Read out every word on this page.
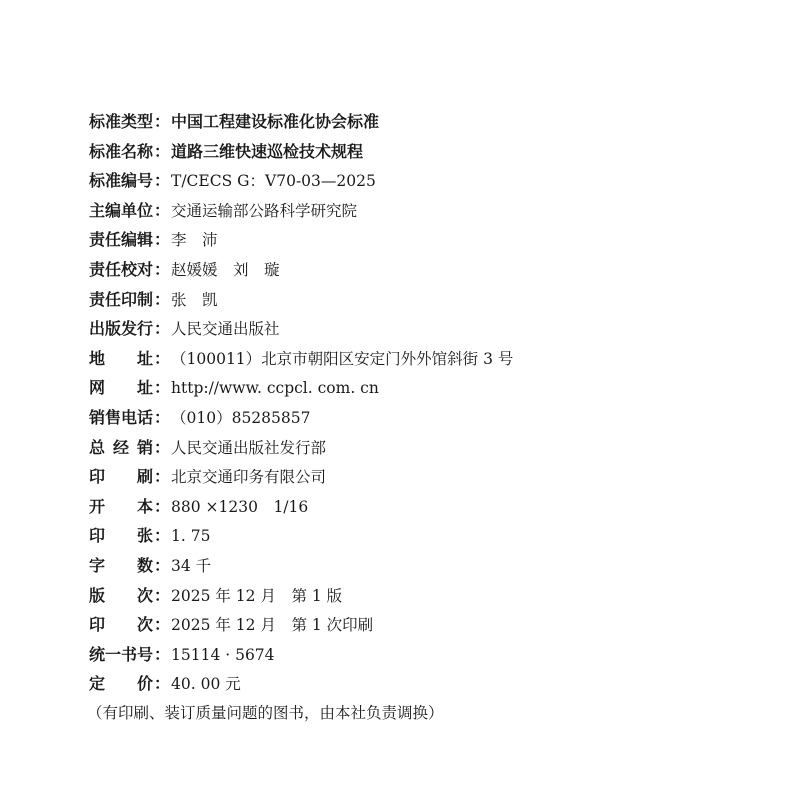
标 准 类 型 ： 中国工程建设标准化协会标准
标 准 名 称 ： 道路三维快速巡检技术规程
标 准 编 号 ： T/CECS G：V70-03—2025
主 编 单 位 ： 交通运输部公路科学研究院
责 任 编 辑 ： 李　沛
责 任 校 对 ： 赵媛媛　刘　璇
责 任 印 制 ： 张　凯
出 版 发 行 ： 人民交通出版社
地 址 ： （100011）北京市朝阳区安定门外外馆斜街 3 号
网 址 ： http://www. ccpcl. com. cn
销 售 电 话 ： （010）85285857
总 经 销 ： 人民交通出版社发行部
印 刷 ： 北京交通印务有限公司
开 本 ： 880 ×1230　1/16
印 张 ： 1. 75
字 数 ： 34 千
版 次 ： 2025 年 12 月　第 1 版
印 次 ： 2025 年 12 月　第 1 次印刷
统 一 书 号 ： 15114 · 5674
定 价 ： 40. 00 元
（有印刷、装订质量问题的图书，由本社负责调换）
